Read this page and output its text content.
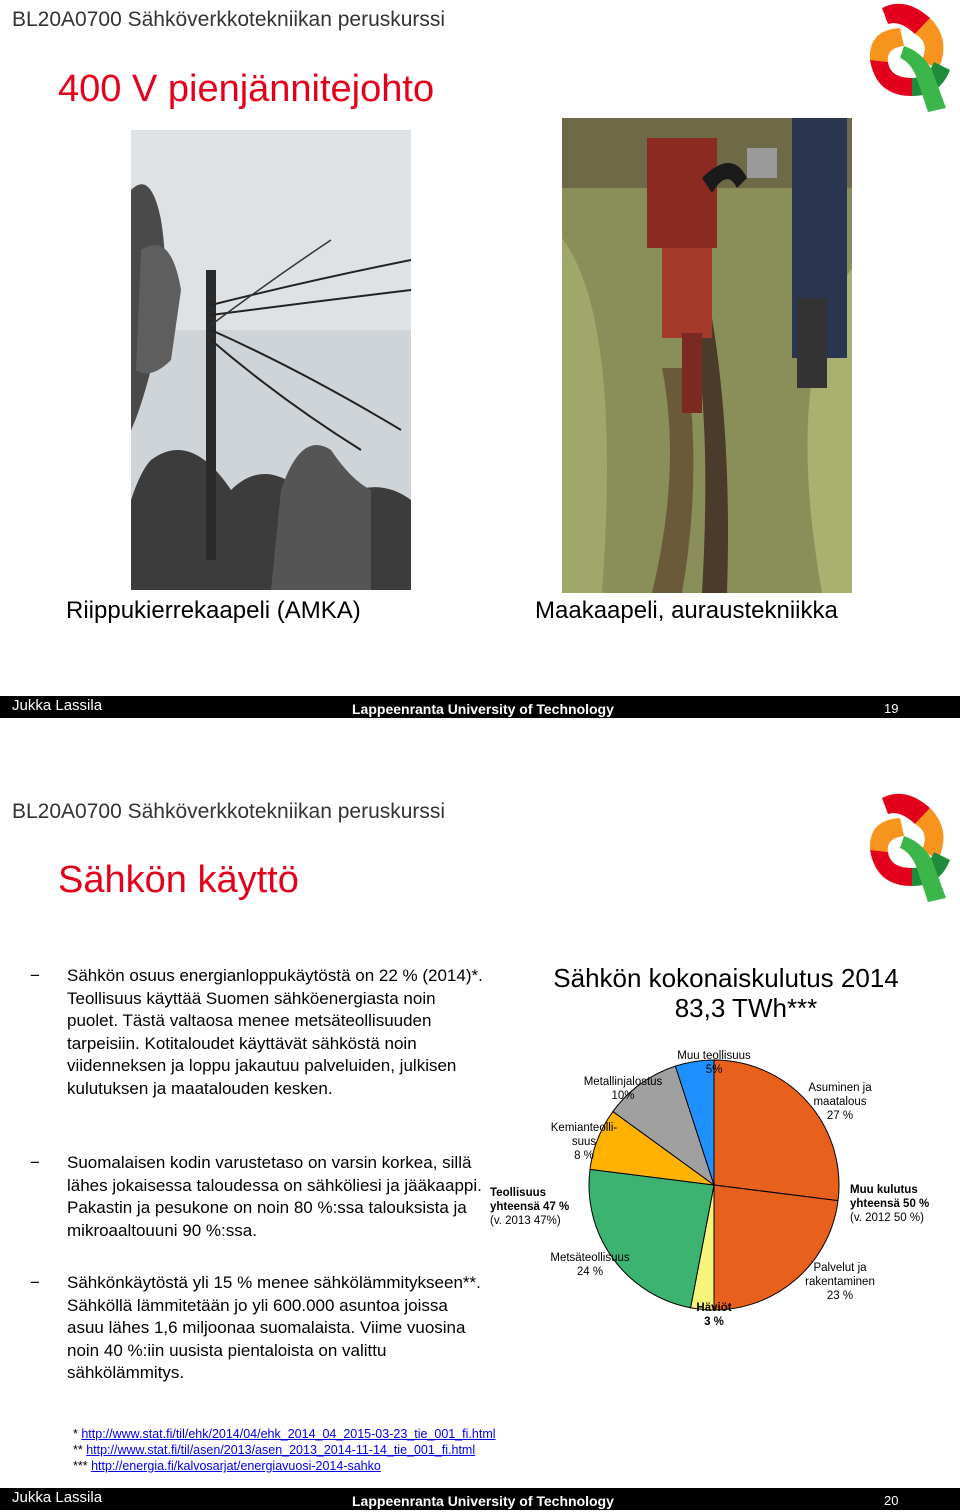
BL20A0700 Sähköverkkotekniikan peruskurssi
400 V pienjännitejohto
Riippukierrekaapeli (AMKA)	Maakaapeli, auraustekniikka
Jukka Lassila	Lappeenranta University of Technology	19
BL20A0700 Sähköverkkotekniikan peruskurssi
Sähkön käyttö
− Sähkön osuus energianloppukäytöstä on 22 % (2014)*. Teollisuus käyttää Suomen sähköenergiasta noin puolet. Tästä valtaosa menee metsäteollisuuden tarpeisiin. Kotitaloudet käyttävät sähköstä noin viidenneksen ja loppu jakautuu palveluiden, julkisen kulutuksen ja maatalouden kesken.
− Suomalaisen kodin varustetaso on varsin korkea, sillä lähes jokaisessa taloudessa on sähköliesi ja jääkaappi. Pakastin ja pesukone on noin 80 %:ssa talouksista ja mikroaaltouuni 90 %:ssa.
− Sähkönkäytöstä yli 15 % menee sähkölämmitykseen**. Sähköllä lämmitetään jo yli 600.000 asuntoa joissa asuu lähes 1,6 miljoonaa suomalaista. Viime vuosina noin 40 %:iin uusista pientaloista on valittu sähkölämmitys.
Sähkön kokonaiskulutus 2014
83,3 TWh***
Muu teollisuus
5%
Metallinjalostus
10%
Kemianteolli-
suus
8 %
Asuminen ja
maatalous
27 %
Metsäteollisuus
24 %
Häviöt
3 %
Palvelut ja
rakentaminen
23 %
Teollisuus
yhteensä 47 %
(v. 2013 47%)
Muu kulutus
yhteensä 50 %
(v. 2012 50 %)
* http://www.stat.fi/til/ehk/2014/04/ehk_2014_04_2015-03-23_tie_001_fi.html
** http://www.stat.fi/til/asen/2013/asen_2013_2014-11-14_tie_001_fi.html
*** http://energia.fi/kalvosarjat/energiavuosi-2014-sahko
Jukka Lassila	Lappeenranta University of Technology	20
